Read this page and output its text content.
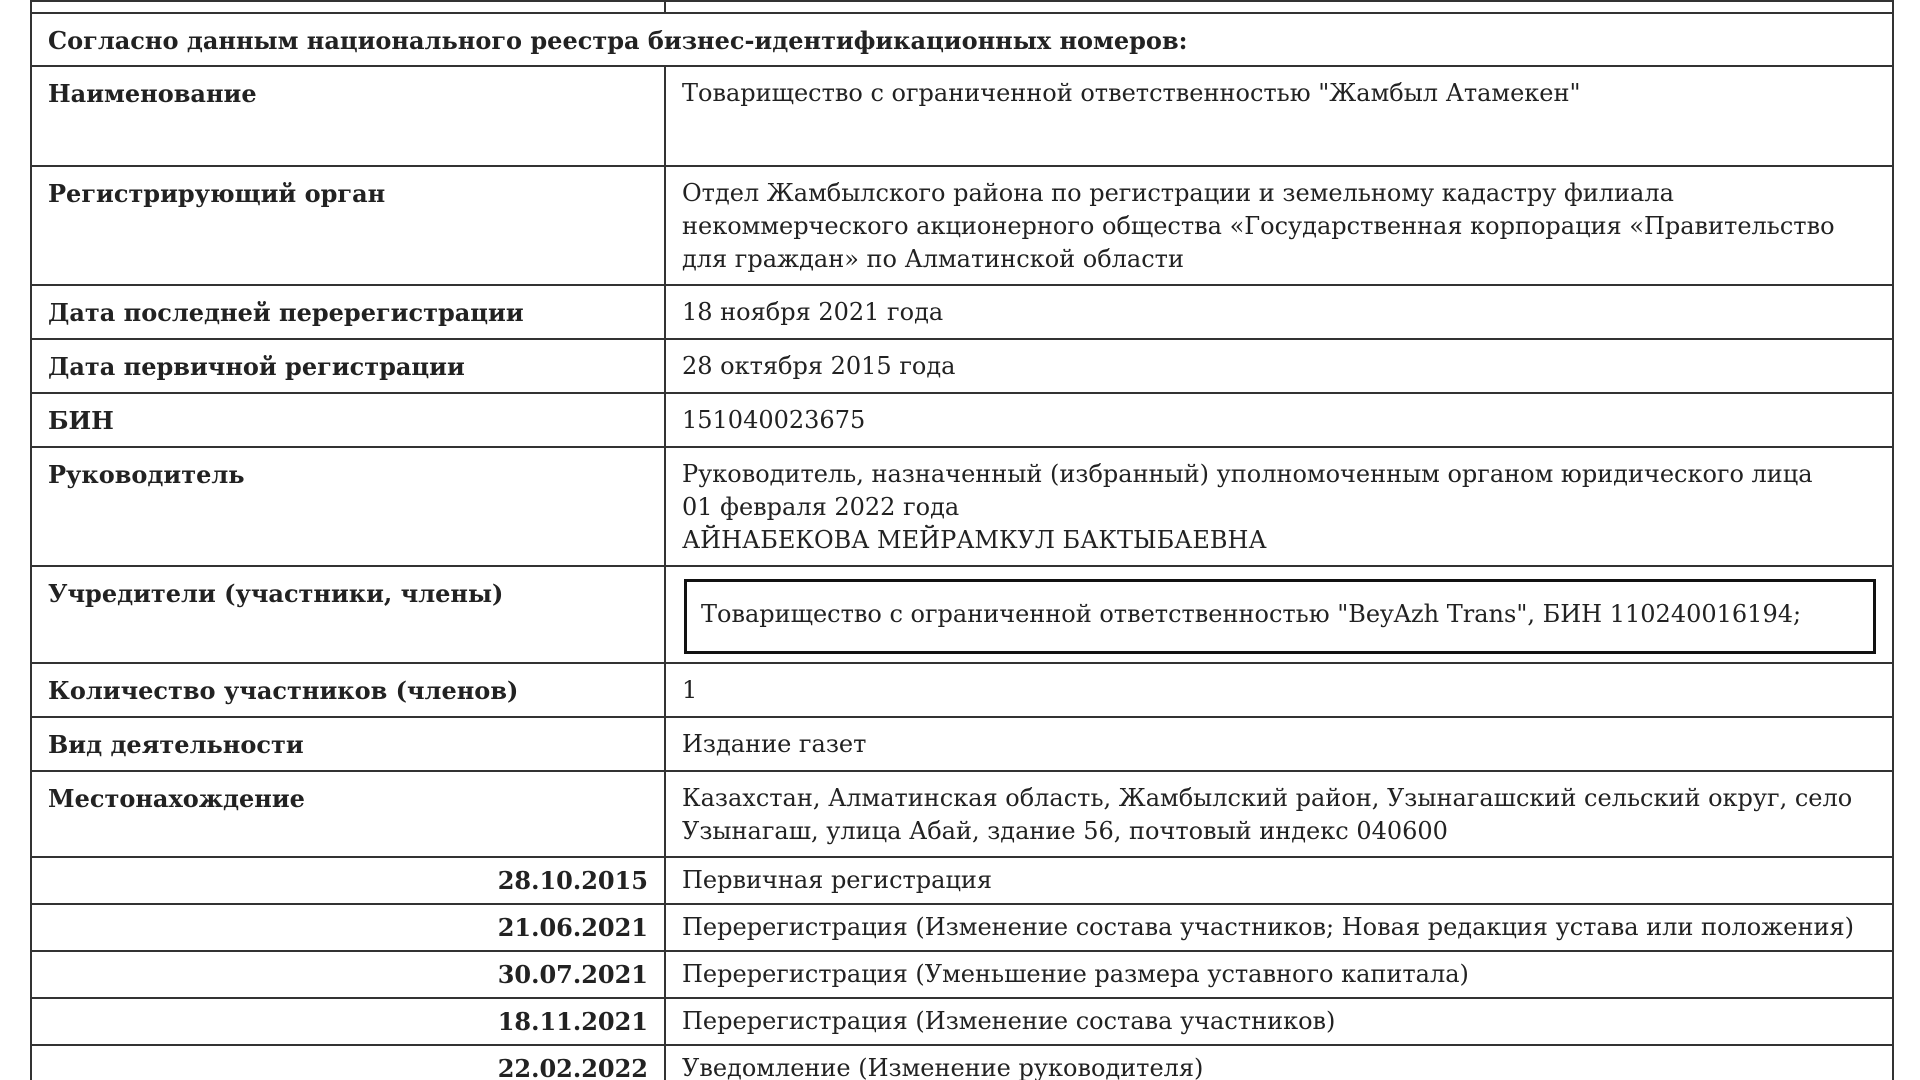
Согласно данным национального реестра бизнес-идентификационных номеров:	
Наименование	Товарищество с ограниченной ответственностью "Жамбыл Атамекен"
Регистрирующий орган	Отдел Жамбылского района по регистрации и земельному кадастру филиала некоммерческого акционерного общества «Государственная корпорация «Правительство для граждан» по Алматинской области
Дата последней перерегистрации	18 ноября 2021 года
Дата первичной регистрации	28 октября 2015 года
БИН	151040023675
Руководитель	Руководитель, назначенный (избранный) уполномоченным органом юридического лица
01 февраля 2022 года
АЙНАБЕКОВА МЕЙРАМКУЛ БАКТЫБАЕВНА

Учредители (участники, члены)	Товарищество с ограниченной ответственностью "BeyAzh Trans", БИН 110240016194;

Количество участников (членов)	1
Вид деятельности	Издание газет
Местонахождение	Казахстан, Алматинская область, Жамбылский район, Узынагашский сельский округ, село Узынагаш, улица Абай, здание 56, почтовый индекс 040600
28.10.2015	Первичная регистрация
21.06.2021	Перерегистрация (Изменение состава участников; Новая редакция устава или положения)
30.07.2021	Перерегистрация (Уменьшение размера уставного капитала)
18.11.2021	Перерегистрация (Изменение состава участников)
22.02.2022	Уведомление (Изменение руководителя)
